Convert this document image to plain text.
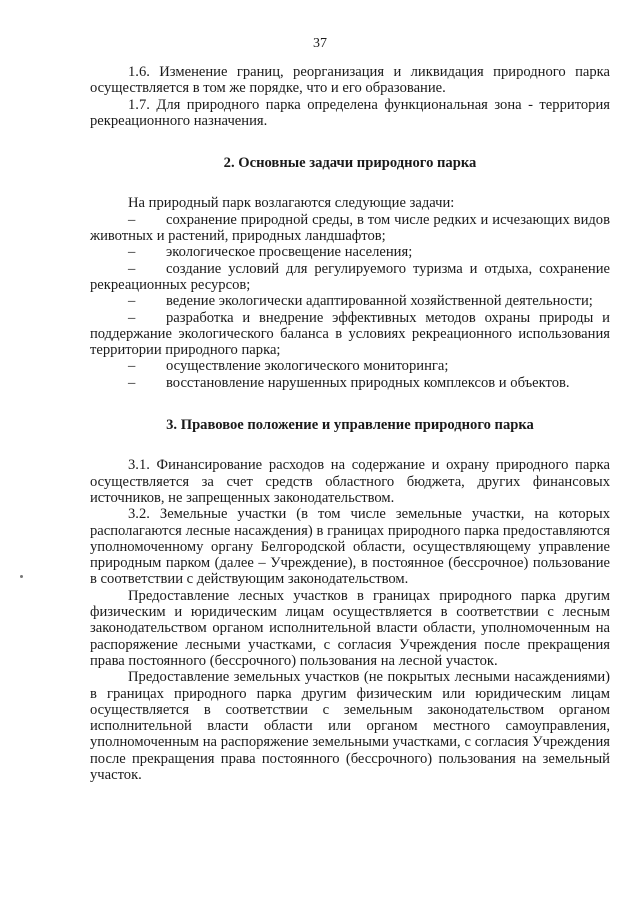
37

1.6. Изменение границ, реорганизация и ликвидация природного парка осуществляется в том же порядке, что и его образование.

1.7. Для природного парка определена функциональная зона - территория рекреационного назначения.

2. Основные задачи природного парка

На природный парк возлагаются следующие задачи:

– сохранение природной среды, в том числе редких и исчезающих видов животных и растений, природных ландшафтов;

– экологическое просвещение населения;

– создание условий для регулируемого туризма и отдыха, сохранение рекреационных ресурсов;

– ведение экологически адаптированной хозяйственной деятельности;

– разработка и внедрение эффективных методов охраны природы и поддержание экологического баланса в условиях рекреационного использования территории природного парка;

– осуществление экологического мониторинга;

– восстановление нарушенных природных комплексов и объектов.

3. Правовое положение и управление природного парка

3.1. Финансирование расходов на содержание и охрану природного парка осуществляется за счет средств областного бюджета, других финансовых источников, не запрещенных законодательством.

3.2. Земельные участки (в том числе земельные участки, на которых располагаются лесные насаждения) в границах природного парка предоставляются уполномоченному органу Белгородской области, осуществляющему управление природным парком (далее – Учреждение), в постоянное (бессрочное) пользование в соответствии с действующим законодательством.

Предоставление лесных участков в границах природного парка другим физическим и юридическим лицам осуществляется в соответствии с лесным законодательством органом исполнительной власти области, уполномоченным на распоряжение лесными участками, с согласия Учреждения после прекращения права постоянного (бессрочного) пользования на лесной участок.

Предоставление земельных участков (не покрытых лесными насаждениями) в границах природного парка другим физическим или юридическим лицам осуществляется в соответствии с земельным законодательством органом исполнительной власти области или органом местного самоуправления, уполномоченным на распоряжение земельными участками, с согласия Учреждения после прекращения права постоянного (бессрочного) пользования на земельный участок.
